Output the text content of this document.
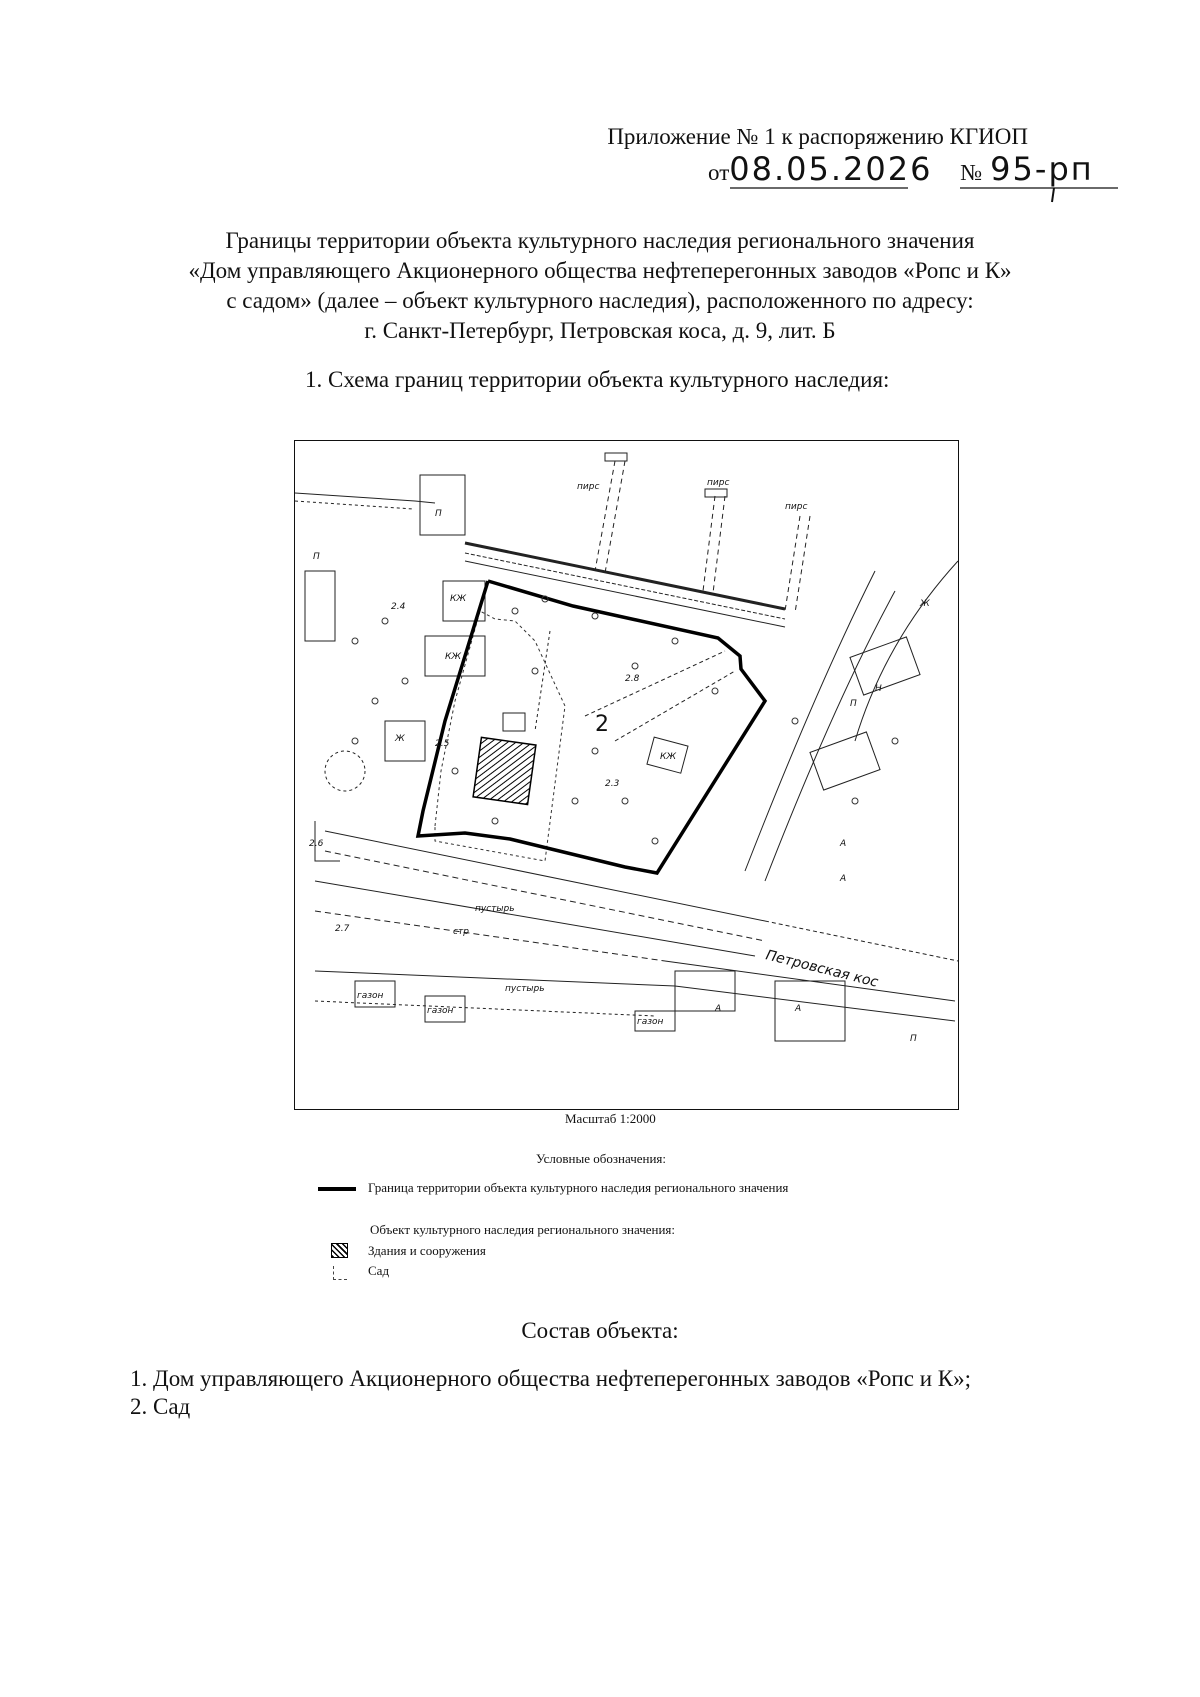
Приложение № 1 к распоряжению КГИОП
от08.05.2026 № 95-рп
Границы территории объекта культурного наследия регионального значения
«Дом управляющего Акционерного общества нефтеперегонных заводов «Ропс и К»
с садом» (далее – объект культурного наследия), расположенного по адресу:
г. Санкт-Петербург, Петровская коса, д. 9, лит. Б
1. Схема границ территории объекта культурного наследия:
П
П
КЖ
КЖ
КЖ
Ж
Ж
А
А
А	А
П
П
Н
пирс	пирс
пирс
стр
газон
газон
газон
пустырь
пустырь
2.4
2.5
2.6
2.7
2.8
2.3
2
Петровская кос
Масштаб 1:2000
Условные обозначения:
Граница территории объекта культурного наследия регионального значения
Объект культурного наследия регионального значения:
Здания и сооружения
Сад
Состав объекта:
1. Дом управляющего Акционерного общества нефтеперегонных заводов «Ропс и К»;
2. Сад
